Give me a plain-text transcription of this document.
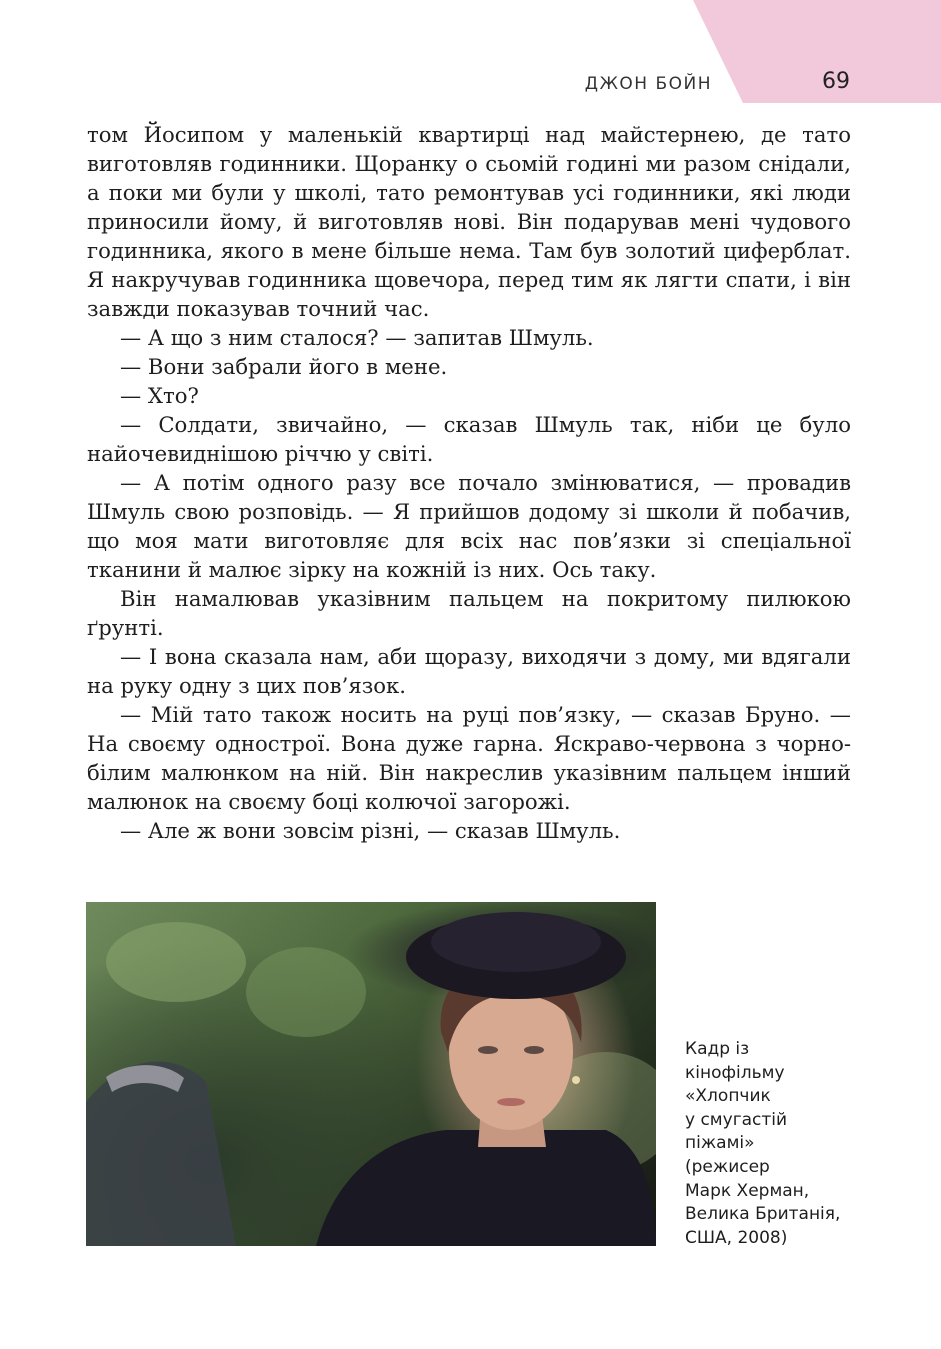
ДЖОН БОЙН	69

том Йосипом у маленькій квартирці над майстернею, де тато виготовляв годинники. Щоранку о сьомій годині ми разом снідали, а поки ми були у школі, тато ремонтував усі годинники, які люди приносили йому, й виготовляв нові. Він подарував мені чудового годинника, якого в мене більше нема. Там був золотий циферблат. Я накручував годинника щовечора, перед тим як лягти спати, і він завжди показував точний час.

— А що з ним сталося? — запитав Шмуль.

— Вони забрали його в мене.

— Хто?

— Солдати, звичайно, — сказав Шмуль так, ніби це було найочевиднішою річчю у світі.

— А потім одного разу все почало змінюватися, — провадив Шмуль свою розповідь. — Я прийшов додому зі школи й побачив, що моя мати виготовляє для всіх нас пов’язки зі спеціальної тканини й малює зірку на кожній із них. Ось таку.

Він намалював указівним пальцем на покритому пилюкою ґрунті.

— І вона сказала нам, аби щоразу, виходячи з дому, ми вдягали на руку одну з цих пов’язок.

— Мій тато також носить на руці пов’язку, — сказав Бруно. — На своєму однострої. Вона дуже гарна. Яскраво-червона з чорно-білим малюнком на ній. Він накреслив указівним пальцем інший малюнок на своєму боці колючої загорожі.

— Але ж вони зовсім різні, — сказав Шмуль.

Кадр із
кінофільму
«Хлопчик
у смугастій
піжамі»
(режисер
Марк Херман,
Велика Британія,
США, 2008)
